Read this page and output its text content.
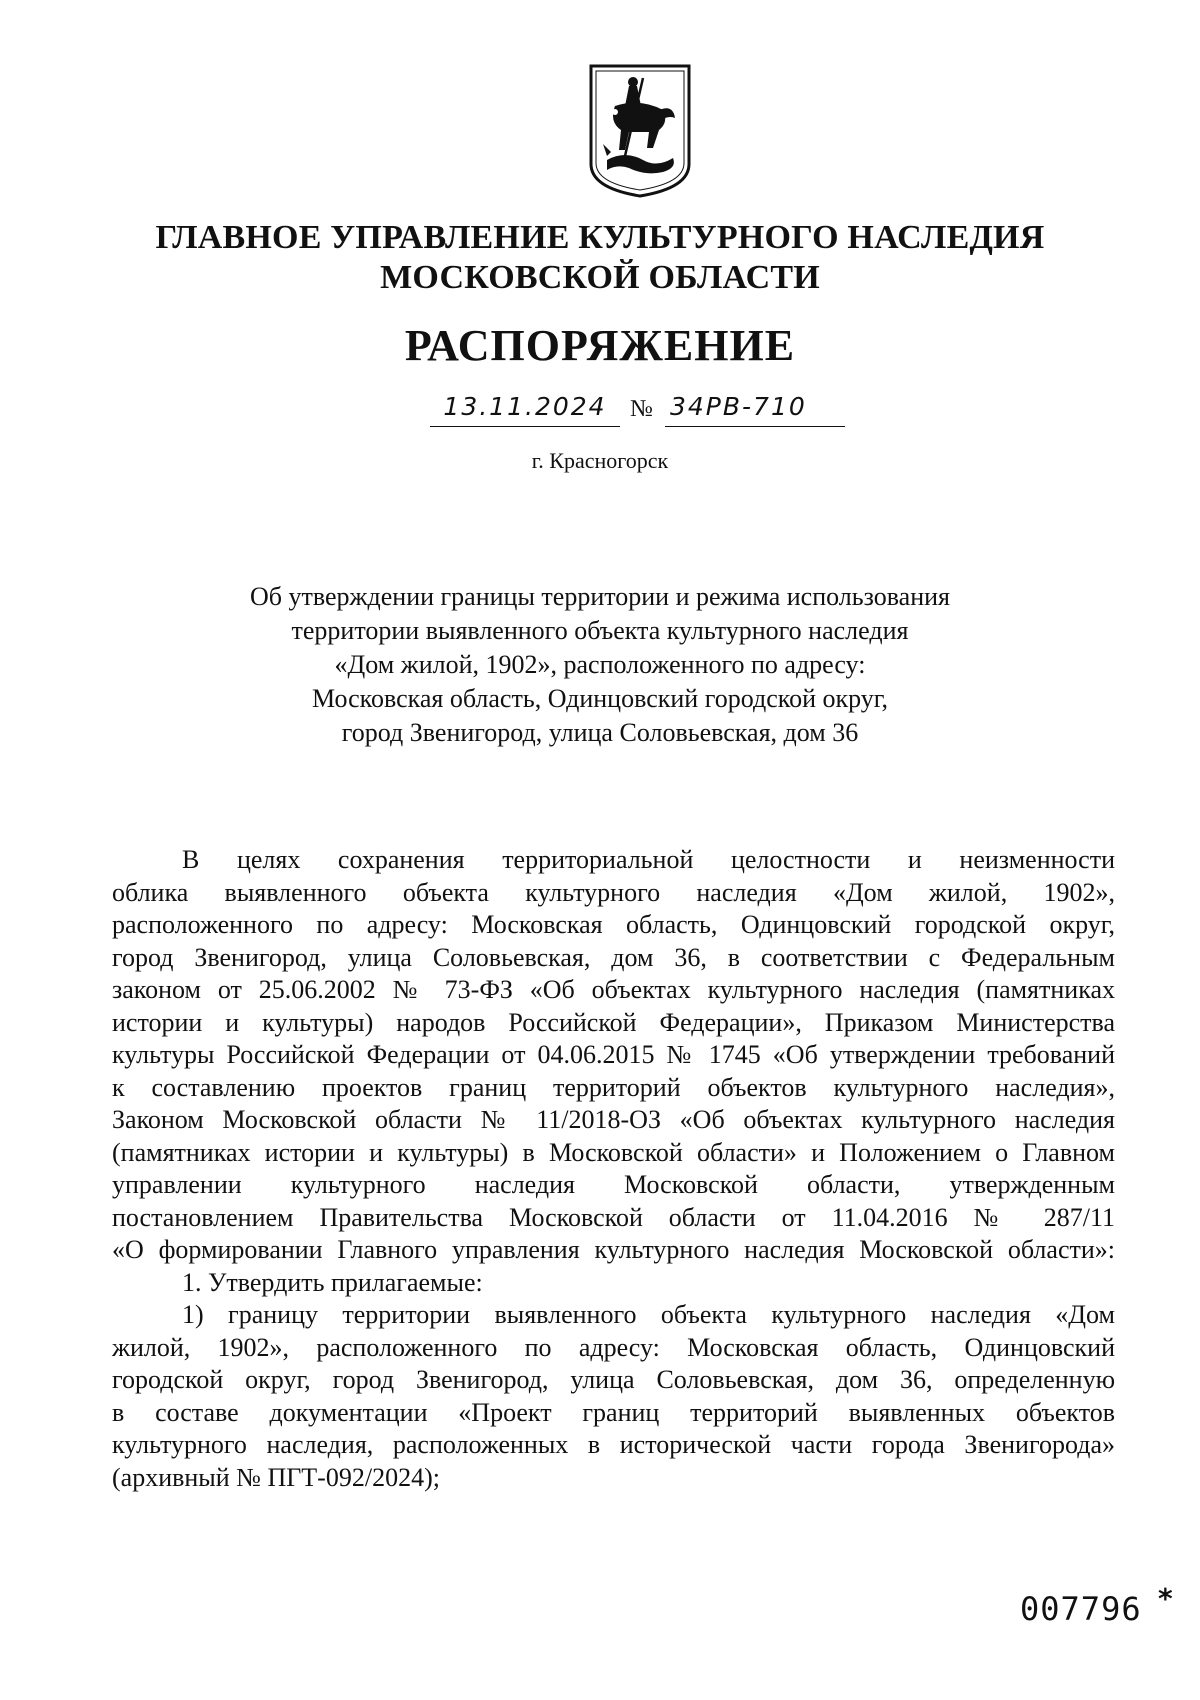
ГЛАВНОЕ УПРАВЛЕНИЕ КУЛЬТУРНОГО НАСЛЕДИЯ
МОСКОВСКОЙ ОБЛАСТИ
РАСПОРЯЖЕНИЕ
13.11.2024 № 34РВ-710
г. Красногорск
Об утверждении границы территории и режима использования
территории выявленного объекта культурного наследия
«Дом жилой, 1902», расположенного по адресу:
Московская область, Одинцовский городской округ,
город Звенигород, улица Соловьевская, дом 36
В целях сохранения территориальной целостности и неизменности
облика выявленного объекта культурного наследия «Дом жилой, 1902»,
расположенного по адресу: Московская область, Одинцовский городской округ,
город Звенигород, улица Соловьевская, дом 36, в соответствии с Федеральным
законом от 25.06.2002 № 73-ФЗ «Об объектах культурного наследия (памятниках
истории и культуры) народов Российской Федерации», Приказом Министерства
культуры Российской Федерации от 04.06.2015 № 1745 «Об утверждении требований
к составлению проектов границ территорий объектов культурного наследия»,
Законом Московской области № 11/2018-ОЗ «Об объектах культурного наследия
(памятниках истории и культуры) в Московской области» и Положением о Главном
управлении культурного наследия Московской области, утвержденным
постановлением Правительства Московской области от 11.04.2016 № 287/11
«О формировании Главного управления культурного наследия Московской области»:
1. Утвердить прилагаемые:
1) границу территории выявленного объекта культурного наследия «Дом
жилой, 1902», расположенного по адресу: Московская область, Одинцовский
городской округ, город Звенигород, улица Соловьевская, дом 36, определенную
в составе документации «Проект границ территорий выявленных объектов
культурного наследия, расположенных в исторической части города Звенигорода»
(архивный № ПГТ-092/2024);
007796 *
